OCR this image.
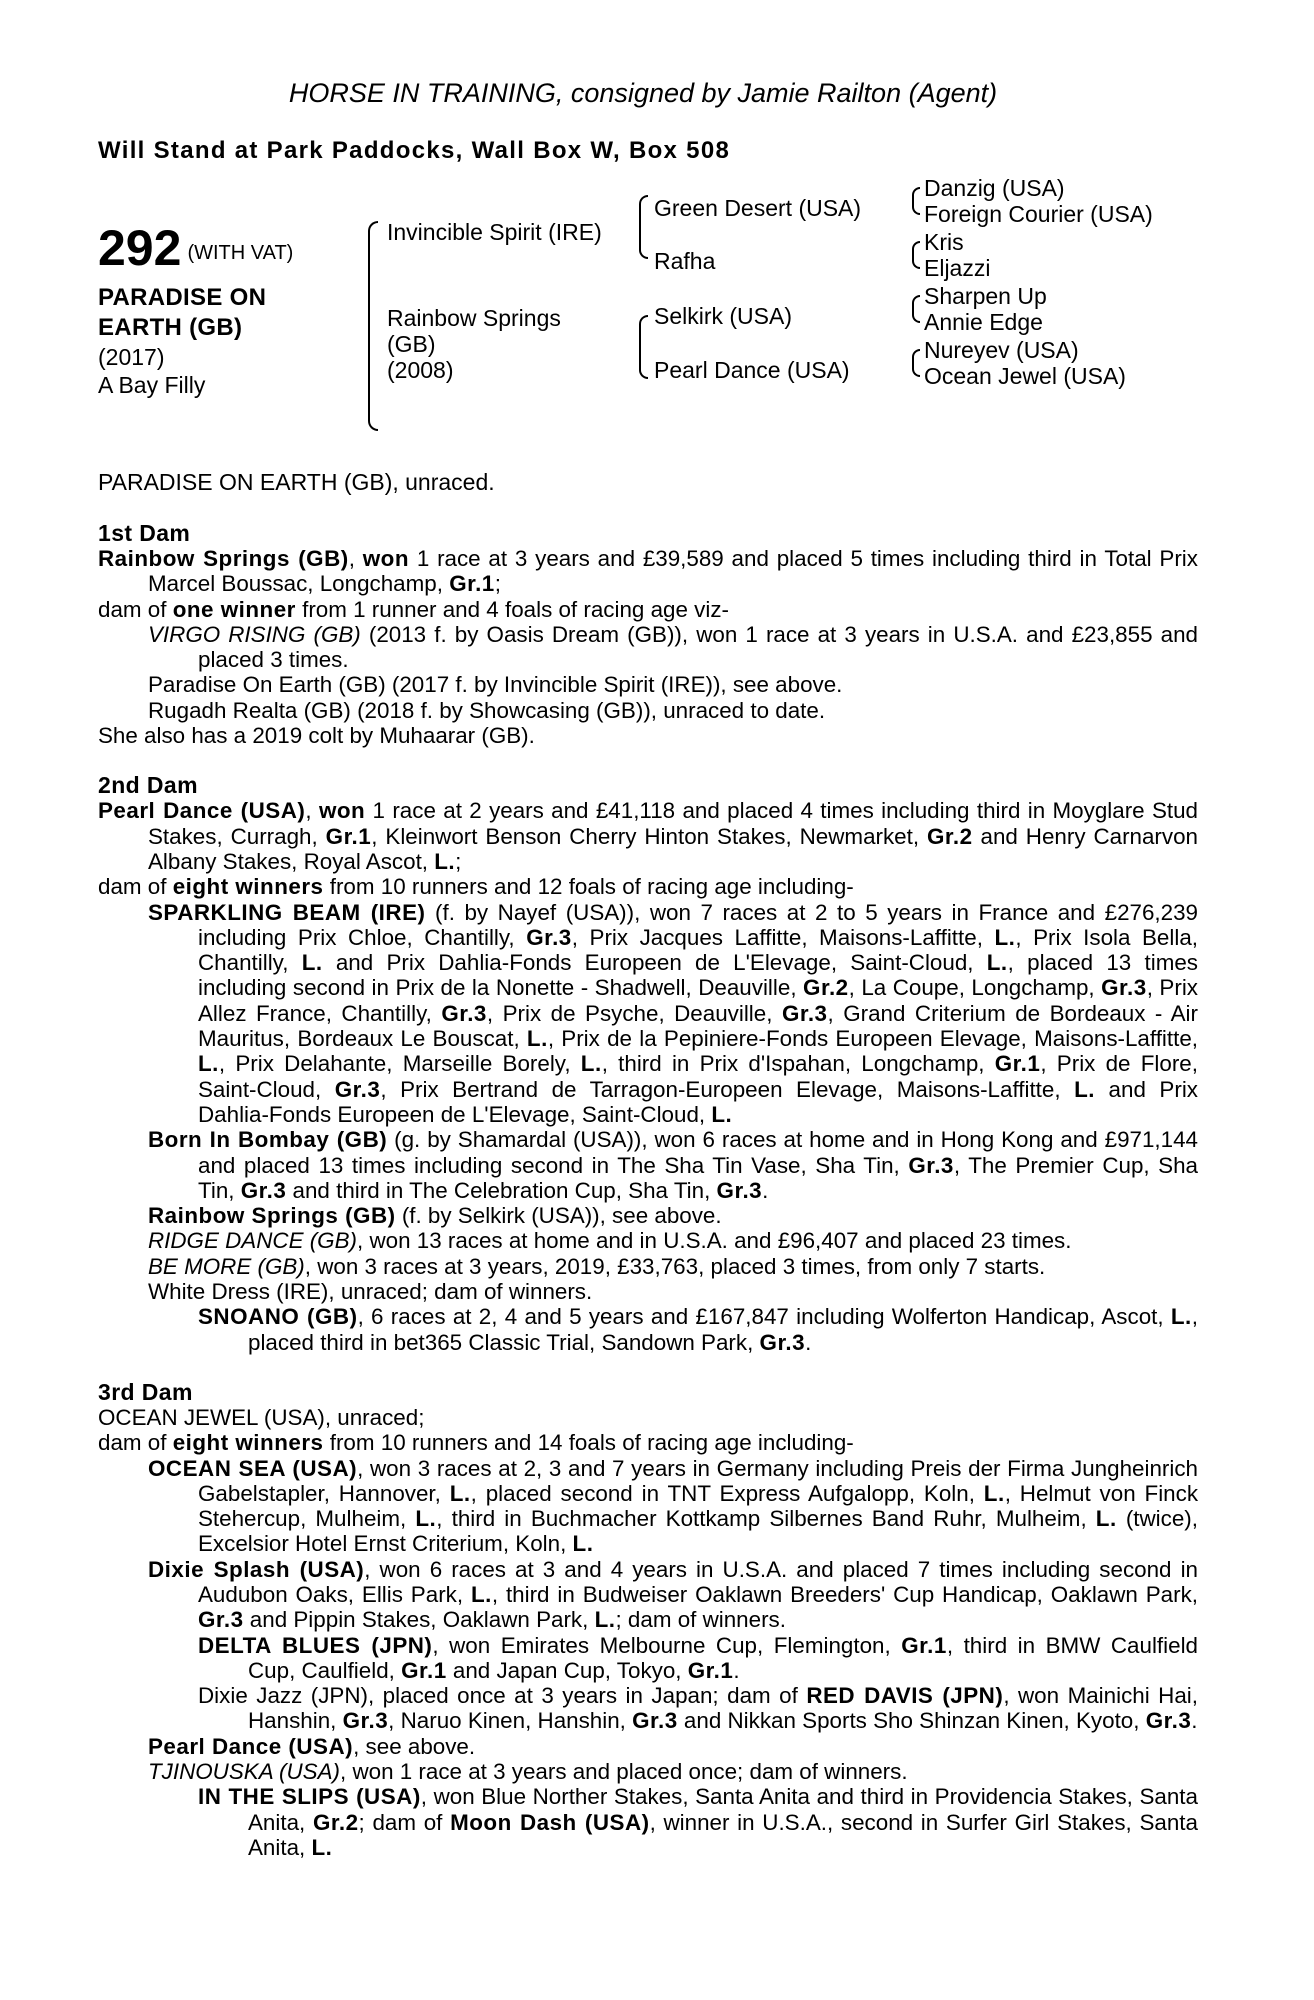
HORSE IN TRAINING, consigned by Jamie Railton (Agent)
Will Stand at Park Paddocks, Wall Box W, Box 508
292 (WITH VAT)
PARADISE ON
EARTH (GB)
(2017)
A Bay Filly
Invincible Spirit (IRE)
Rainbow Springs
(GB)
(2008)
Green Desert (USA)
Rafha
Selkirk (USA)
Pearl Dance (USA)
Danzig (USA)
Foreign Courier (USA)
Kris
Eljazzi
Sharpen Up
Annie Edge
Nureyev (USA)
Ocean Jewel (USA)
PARADISE ON EARTH (GB), unraced.
1st Dam
Rainbow Springs (GB), won 1 race at 3 years and £39,589 and placed 5 times including third in Total Prix Marcel Boussac, Longchamp, Gr.1;
dam of one winner from 1 runner and 4 foals of racing age viz-
VIRGO RISING (GB) (2013 f. by Oasis Dream (GB)), won 1 race at 3 years in U.S.A. and £23,855 and placed 3 times.
Paradise On Earth (GB) (2017 f. by Invincible Spirit (IRE)), see above.
Rugadh Realta (GB) (2018 f. by Showcasing (GB)), unraced to date.
She also has a 2019 colt by Muhaarar (GB).
2nd Dam
Pearl Dance (USA), won 1 race at 2 years and £41,118 and placed 4 times including third in Moyglare Stud Stakes, Curragh, Gr.1, Kleinwort Benson Cherry Hinton Stakes, Newmarket, Gr.2 and Henry Carnarvon Albany Stakes, Royal Ascot, L.;
dam of eight winners from 10 runners and 12 foals of racing age including-
SPARKLING BEAM (IRE) (f. by Nayef (USA)), won 7 races at 2 to 5 years in France and £276,239 including Prix Chloe, Chantilly, Gr.3, Prix Jacques Laffitte, Maisons-Laffitte, L., Prix Isola Bella, Chantilly, L. and Prix Dahlia-Fonds Europeen de L'Elevage, Saint-Cloud, L., placed 13 times including second in Prix de la Nonette - Shadwell, Deauville, Gr.2, La Coupe, Longchamp, Gr.3, Prix Allez France, Chantilly, Gr.3, Prix de Psyche, Deauville, Gr.3, Grand Criterium de Bordeaux - Air Mauritus, Bordeaux Le Bouscat, L., Prix de la Pepiniere-Fonds Europeen Elevage, Maisons-Laffitte, L., Prix Delahante, Marseille Borely, L., third in Prix d'Ispahan, Longchamp, Gr.1, Prix de Flore, Saint-Cloud, Gr.3, Prix Bertrand de Tarragon-Europeen Elevage, Maisons-Laffitte, L. and Prix Dahlia-Fonds Europeen de L'Elevage, Saint-Cloud, L.
Born In Bombay (GB) (g. by Shamardal (USA)), won 6 races at home and in Hong Kong and £971,144 and placed 13 times including second in The Sha Tin Vase, Sha Tin, Gr.3, The Premier Cup, Sha Tin, Gr.3 and third in The Celebration Cup, Sha Tin, Gr.3.
Rainbow Springs (GB) (f. by Selkirk (USA)), see above.
RIDGE DANCE (GB), won 13 races at home and in U.S.A. and £96,407 and placed 23 times.
BE MORE (GB), won 3 races at 3 years, 2019, £33,763, placed 3 times, from only 7 starts.
White Dress (IRE), unraced; dam of winners.
SNOANO (GB), 6 races at 2, 4 and 5 years and £167,847 including Wolferton Handicap, Ascot, L., placed third in bet365 Classic Trial, Sandown Park, Gr.3.
3rd Dam
OCEAN JEWEL (USA), unraced;
dam of eight winners from 10 runners and 14 foals of racing age including-
OCEAN SEA (USA), won 3 races at 2, 3 and 7 years in Germany including Preis der Firma Jungheinrich Gabelstapler, Hannover, L., placed second in TNT Express Aufgalopp, Koln, L., Helmut von Finck Stehercup, Mulheim, L., third in Buchmacher Kottkamp Silbernes Band Ruhr, Mulheim, L. (twice), Excelsior Hotel Ernst Criterium, Koln, L.
Dixie Splash (USA), won 6 races at 3 and 4 years in U.S.A. and placed 7 times including second in Audubon Oaks, Ellis Park, L., third in Budweiser Oaklawn Breeders' Cup Handicap, Oaklawn Park, Gr.3 and Pippin Stakes, Oaklawn Park, L.; dam of winners.
DELTA BLUES (JPN), won Emirates Melbourne Cup, Flemington, Gr.1, third in BMW Caulfield Cup, Caulfield, Gr.1 and Japan Cup, Tokyo, Gr.1.
Dixie Jazz (JPN), placed once at 3 years in Japan; dam of RED DAVIS (JPN), won Mainichi Hai, Hanshin, Gr.3, Naruo Kinen, Hanshin, Gr.3 and Nikkan Sports Sho Shinzan Kinen, Kyoto, Gr.3.
Pearl Dance (USA), see above.
TJINOUSKA (USA), won 1 race at 3 years and placed once; dam of winners.
IN THE SLIPS (USA), won Blue Norther Stakes, Santa Anita and third in Providencia Stakes, Santa Anita, Gr.2; dam of Moon Dash (USA), winner in U.S.A., second in Surfer Girl Stakes, Santa Anita, L.
